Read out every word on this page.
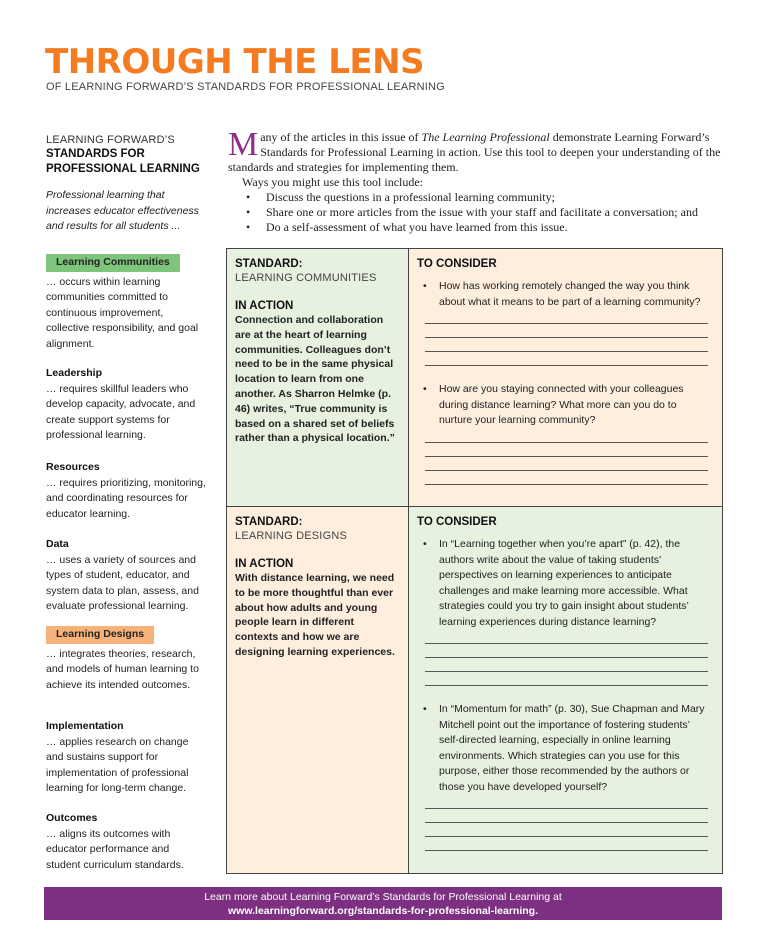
THROUGH THE LENS
OF LEARNING FORWARD’S STANDARDS FOR PROFESSIONAL LEARNING
LEARNING FORWARD’S
STANDARDS FOR
PROFESSIONAL LEARNING
Professional learning that increases educator effectiveness and results for all students ...
Learning Communities
… occurs within learning communities committed to continuous improvement, collective responsibility, and goal alignment.
Leadership
… requires skillful leaders who develop capacity, advocate, and create support systems for professional learning.
Resources
… requires prioritizing, monitoring, and coordinating resources for educator learning.
Data
… uses a variety of sources and types of student, educator, and system data to plan, assess, and evaluate professional learning.
Learning Designs
… integrates theories, research, and models of human learning to achieve its intended outcomes.
Implementation
… applies research on change and sustains support for implementation of professional learning for long-term change.
Outcomes
… aligns its outcomes with educator performance and student curriculum standards.
Many of the articles in this issue of The Learning Professional demonstrate Learning Forward’s Standards for Professional Learning in action. Use this tool to deepen your understanding of the standards and strategies for implementing them.
Ways you might use this tool include:
• Discuss the questions in a professional learning community;
• Share one or more articles from the issue with your staff and facilitate a conversation; and
• Do a self-assessment of what you have learned from this issue.
STANDARD:
LEARNING COMMUNITIES
IN ACTION
Connection and collaboration are at the heart of learning communities. Colleagues don’t need to be in the same physical location to learn from one another. As Sharron Helmke (p. 46) writes, “True community is based on a shared set of beliefs rather than a physical location.”
TO CONSIDER
• How has working remotely changed the way you think about what it means to be part of a learning community?
• How are you staying connected with your colleagues during distance learning? What more can you do to nurture your learning community?
STANDARD:
LEARNING DESIGNS
IN ACTION
With distance learning, we need to be more thoughtful than ever about how adults and young people learn in different contexts and how we are designing learning experiences.
TO CONSIDER
• In “Learning together when you’re apart” (p. 42), the authors write about the value of taking students’ perspectives on learning experiences to anticipate challenges and make learning more accessible. What strategies could you try to gain insight about students’ learning experiences during distance learning?
• In “Momentum for math” (p. 30), Sue Chapman and Mary Mitchell point out the importance of fostering students’ self-directed learning, especially in online learning environments. Which strategies can you use for this purpose, either those recommended by the authors or those you have developed yourself?
Learn more about Learning Forward’s Standards for Professional Learning at
www.learningforward.org/standards-for-professional-learning.
